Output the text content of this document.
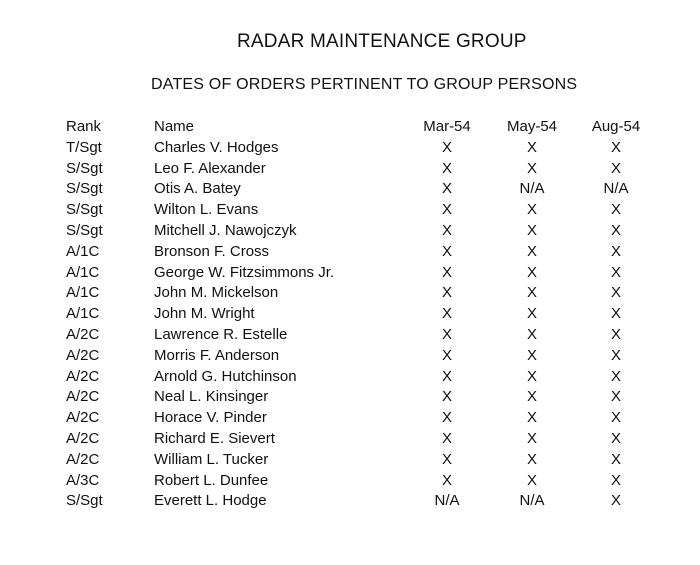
RADAR MAINTENANCE GROUP
DATES OF ORDERS PERTINENT TO GROUP PERSONS
Rank	Name	Mar-54	May-54	Aug-54
T/Sgt	Charles V. Hodges	X	X	X
S/Sgt	Leo F. Alexander	X	X	X
S/Sgt	Otis A. Batey	X	N/A	N/A
S/Sgt	Wilton L. Evans	X	X	X
S/Sgt	Mitchell J. Nawojczyk	X	X	X
A/1C	Bronson F. Cross	X	X	X
A/1C	George W. Fitzsimmons Jr.	X	X	X
A/1C	John M. Mickelson	X	X	X
A/1C	John M. Wright	X	X	X
A/2C	Lawrence R. Estelle	X	X	X
A/2C	Morris F. Anderson	X	X	X
A/2C	Arnold G. Hutchinson	X	X	X
A/2C	Neal L. Kinsinger	X	X	X
A/2C	Horace V. Pinder	X	X	X
A/2C	Richard E. Sievert	X	X	X
A/2C	William L. Tucker	X	X	X
A/3C	Robert L. Dunfee	X	X	X
S/Sgt	Everett L. Hodge	N/A	N/A	X
